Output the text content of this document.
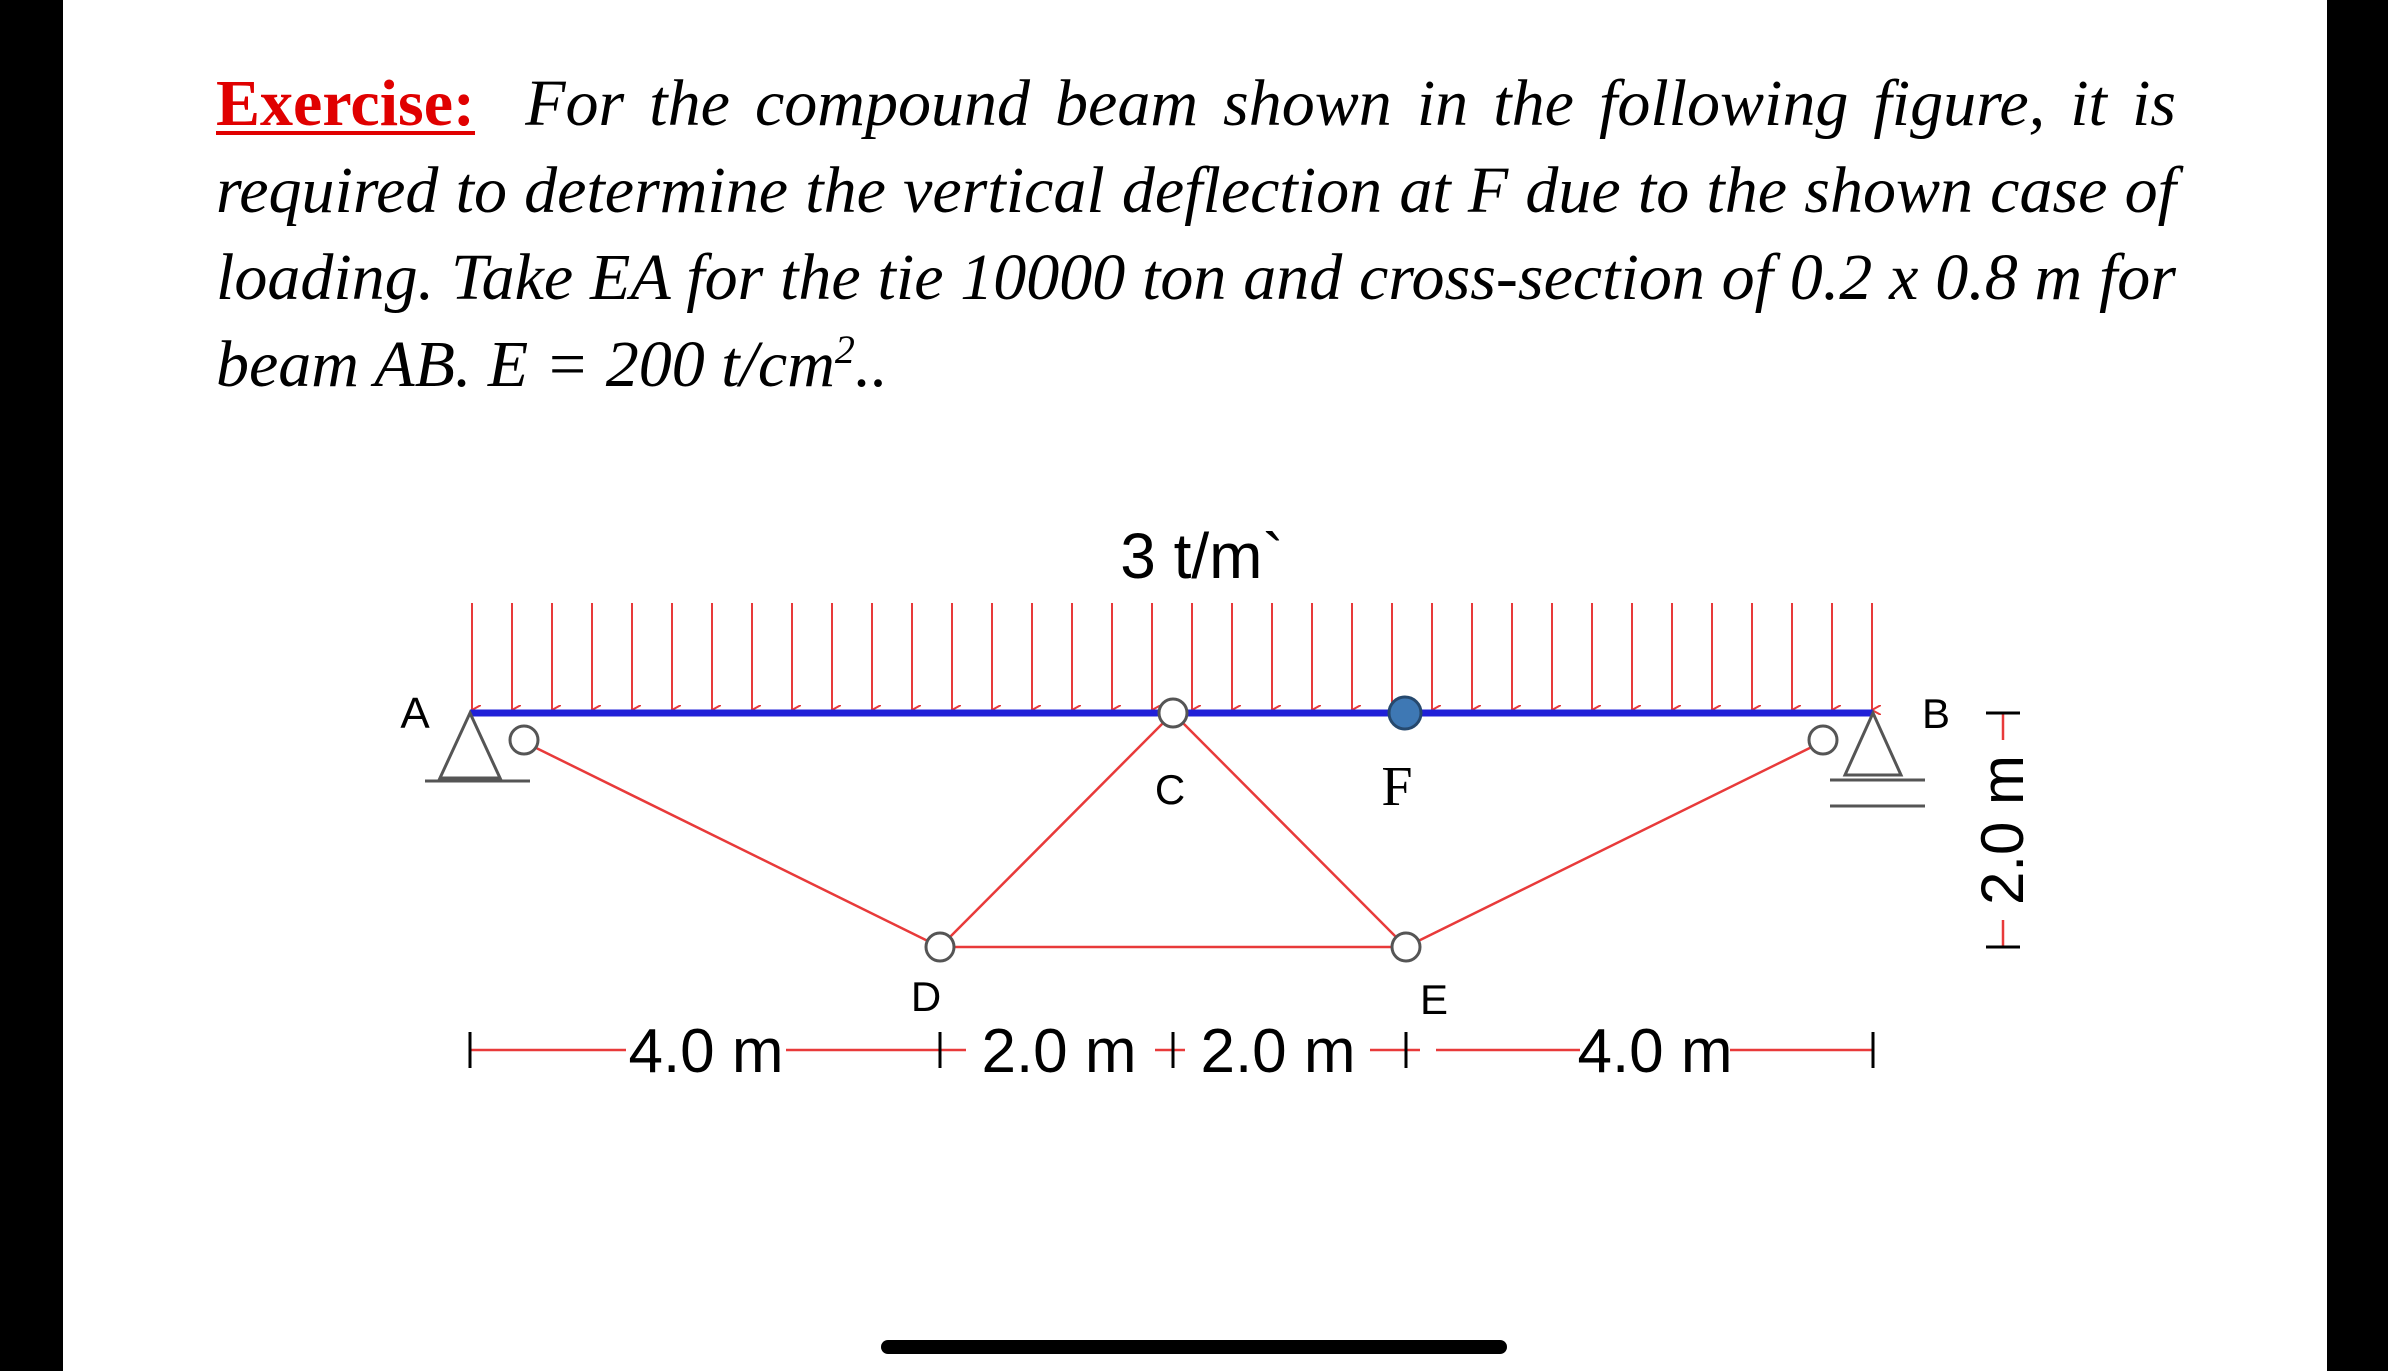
Exercise: For the compound beam shown in the following figure, it is required to determine the vertical deflection at F due to the shown case of loading. Take EA for the tie 10000 ton and cross-section of 0.2 x 0.8 m for beam AB. E = 200 $t/cm^2$..
3 t/m`
A	B
C	F
D	E
4.0 m	2.0 m 2.0 m	4.0 m
2.0 m
